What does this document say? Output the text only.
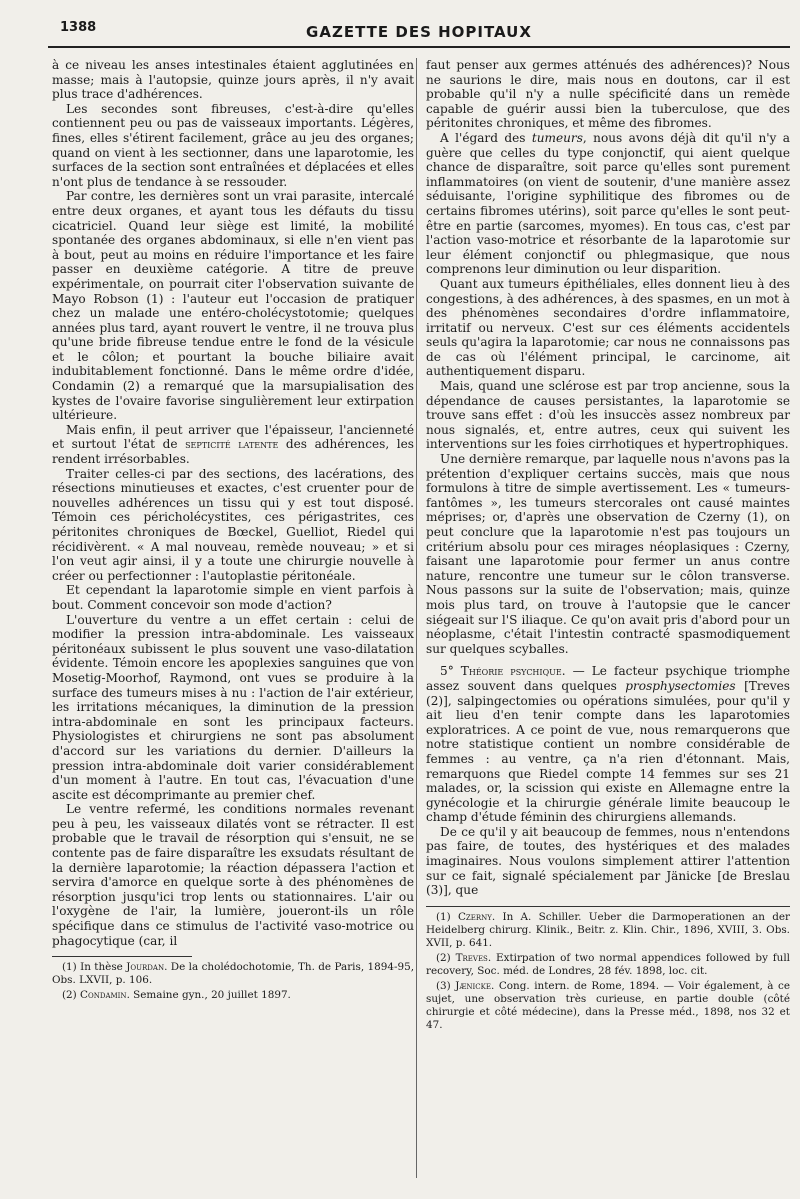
1388	GAZETTE DES HOPITAUX

à ce niveau les anses intestinales étaient agglutinées en masse; mais à l'autopsie, quinze jours après, il n'y avait plus trace d'adhérences.

Les secondes sont fibreuses, c'est-à-dire qu'elles contiennent peu ou pas de vaisseaux importants. Légères, fines, elles s'étirent facilement, grâce au jeu des organes; quand on vient à les sectionner, dans une laparotomie, les surfaces de la section sont entraînées et déplacées et elles n'ont plus de tendance à se ressouder.

Par contre, les dernières sont un vrai parasite, intercalé entre deux organes, et ayant tous les défauts du tissu cicatriciel. Quand leur siège est limité, la mobilité spontanée des organes abdominaux, si elle n'en vient pas à bout, peut au moins en réduire l'importance et les faire passer en deuxième catégorie. A titre de preuve expérimentale, on pourrait citer l'observation suivante de Mayo Robson (1) : l'auteur eut l'occasion de pratiquer chez un malade une entéro-cholécystotomie; quelques années plus tard, ayant rouvert le ventre, il ne trouva plus qu'une bride fibreuse tendue entre le fond de la vésicule et le côlon; et pourtant la bouche biliaire avait indubitablement fonctionné. Dans le même ordre d'idée, Condamin (2) a remarqué que la marsupialisation des kystes de l'ovaire favorise singulièrement leur extirpation ultérieure.

Mais enfin, il peut arriver que l'épaisseur, l'ancienneté et surtout l'état de septicité latente des adhérences, les rendent irrésorbables.

Traiter celles-ci par des sections, des lacérations, des résections minutieuses et exactes, c'est cruenter pour de nouvelles adhérences un tissu qui y est tout disposé. Témoin ces péricholécystites, ces périgastrites, ces péritonites chroniques de Bœckel, Guelliot, Riedel qui récidivèrent. « A mal nouveau, remède nouveau; » et si l'on veut agir ainsi, il y a toute une chirurgie nouvelle à créer ou perfectionner : l'autoplastie péritonéale.

Et cependant la laparotomie simple en vient parfois à bout. Comment concevoir son mode d'action?

L'ouverture du ventre a un effet certain : celui de modifier la pression intra-abdominale. Les vaisseaux péritonéaux subissent le plus souvent une vaso-dilatation évidente. Témoin encore les apoplexies sanguines que von Mosetig-Moorhof, Raymond, ont vues se produire à la surface des tumeurs mises à nu : l'action de l'air extérieur, les irritations mécaniques, la diminution de la pression intra-abdominale en sont les principaux facteurs. Physiologistes et chirurgiens ne sont pas absolument d'accord sur les variations du dernier. D'ailleurs la pression intra-abdominale doit varier considérablement d'un moment à l'autre. En tout cas, l'évacuation d'une ascite est décomprimante au premier chef.

Le ventre refermé, les conditions normales revenant peu à peu, les vaisseaux dilatés vont se rétracter. Il est probable que le travail de résorption qui s'ensuit, ne se contente pas de faire disparaître les exsudats résultant de la dernière laparotomie; la réaction dépassera l'action et servira d'amorce en quelque sorte à des phénomènes de résorption jusqu'ici trop lents ou stationnaires. L'air ou l'oxygène de l'air, la lumière, joueront-ils un rôle spécifique dans ce stimulus de l'activité vaso-motrice ou phagocytique (car, il

(1) In thèse Jourdan. De la cholédochotomie, Th. de Paris, 1894-95, Obs. LXVII, p. 106.

(2) Condamin. Semaine gyn., 20 juillet 1897.

faut penser aux germes atténués des adhérences)? Nous ne saurions le dire, mais nous en doutons, car il est probable qu'il n'y a nulle spécificité dans un remède capable de guérir aussi bien la tuberculose, que des péritonites chroniques, et même des fibromes.

A l'égard des tumeurs, nous avons déjà dit qu'il n'y a guère que celles du type conjonctif, qui aient quelque chance de disparaître, soit parce qu'elles sont purement inflammatoires (on vient de soutenir, d'une manière assez séduisante, l'origine syphilitique des fibromes ou de certains fibromes utérins), soit parce qu'elles le sont peut-être en partie (sarcomes, myomes). En tous cas, c'est par l'action vaso-motrice et résorbante de la laparotomie sur leur élément conjonctif ou phlegmasique, que nous comprenons leur diminution ou leur disparition.

Quant aux tumeurs épithéliales, elles donnent lieu à des congestions, à des adhérences, à des spasmes, en un mot à des phénomènes secondaires d'ordre inflammatoire, irritatif ou nerveux. C'est sur ces éléments accidentels seuls qu'agira la laparotomie; car nous ne connaissons pas de cas où l'élément principal, le carcinome, ait authentiquement disparu.

Mais, quand une sclérose est par trop ancienne, sous la dépendance de causes persistantes, la laparotomie se trouve sans effet : d'où les insuccès assez nombreux par nous signalés, et, entre autres, ceux qui suivent les interventions sur les foies cirrhotiques et hypertrophiques.

Une dernière remarque, par laquelle nous n'avons pas la prétention d'expliquer certains succès, mais que nous formulons à titre de simple avertissement. Les « tumeurs-fantômes », les tumeurs stercorales ont causé maintes méprises; or, d'après une observation de Czerny (1), on peut conclure que la laparotomie n'est pas toujours un critérium absolu pour ces mirages néoplasiques : Czerny, faisant une laparotomie pour fermer un anus contre nature, rencontre une tumeur sur le côlon transverse. Nous passons sur la suite de l'observation; mais, quinze mois plus tard, on trouve à l'autopsie que le cancer siégeait sur l'S iliaque. Ce qu'on avait pris d'abord pour un néoplasme, c'était l'intestin contracté spasmodiquement sur quelques scyballes.

5° Théorie psychique. — Le facteur psychique triomphe assez souvent dans quelques prosphysectomies [Treves (2)], salpingectomies ou opérations simulées, pour qu'il y ait lieu d'en tenir compte dans les laparotomies exploratrices. A ce point de vue, nous remarquerons que notre statistique contient un nombre considérable de femmes : au ventre, ça n'a rien d'étonnant. Mais, remarquons que Riedel compte 14 femmes sur ses 21 malades, or, la scission qui existe en Allemagne entre la gynécologie et la chirurgie générale limite beaucoup le champ d'étude féminin des chirurgiens allemands.

De ce qu'il y ait beaucoup de femmes, nous n'entendons pas faire, de toutes, des hystériques et des malades imaginaires. Nous voulons simplement attirer l'attention sur ce fait, signalé spécialement par Jänicke [de Breslau (3)], que

(1) Czerny. In A. Schiller. Ueber die Darmoperationen an der Heidelberg chirurg. Klinik., Beitr. z. Klin. Chir., 1896, XVIII, 3. Obs. XVII, p. 641.

(2) Treves. Extirpation of two normal appendices followed by full recovery, Soc. méd. de Londres, 28 fév. 1898, loc. cit.

(3) Jænicke. Cong. intern. de Rome, 1894. — Voir également, à ce sujet, une observation très curieuse, en partie double (côté chirurgie et côté médecine), dans la Presse méd., 1898, nos 32 et 47.
